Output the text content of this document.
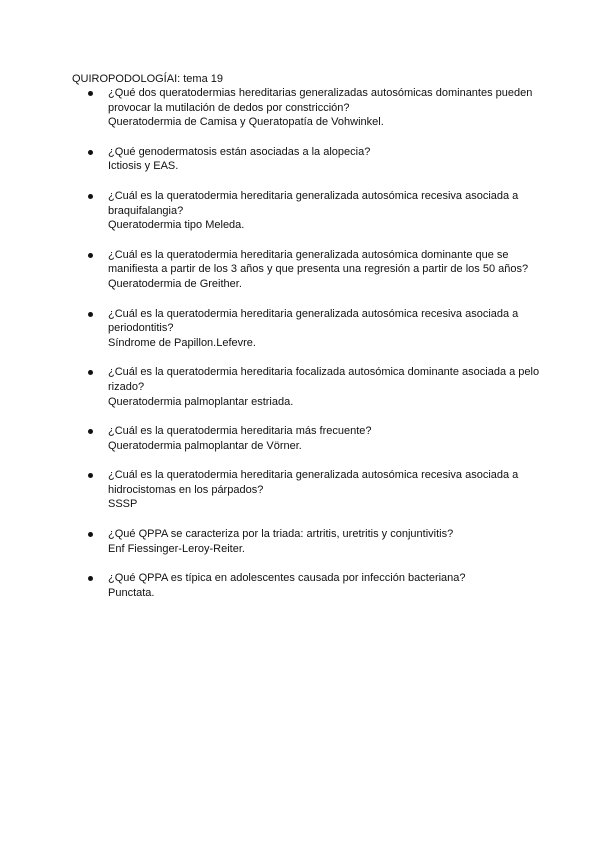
QUIROPODOLOGÍAI: tema 19
¿Qué dos queratodermias hereditarias generalizadas autosómicas dominantes pueden provocar la mutilación de dedos por constricción?
Queratodermia de Camisa y Queratopatía de Vohwinkel.
¿Qué genodermatosis están asociadas a la alopecia?
Ictiosis y EAS.
¿Cuál es la queratodermia hereditaria generalizada autosómica recesiva asociada a braquifalangia?
Queratodermia tipo Meleda.
¿Cuál es la queratodermia hereditaria generalizada autosómica dominante que se manifiesta a partir de los 3 años y que presenta una regresión a partir de los 50 años?
Queratodermia de Greither.
¿Cuál es la queratodermia hereditaria generalizada autosómica recesiva asociada a periodontitis?
Síndrome de Papillon.Lefevre.
¿Cuál es la queratodermia hereditaria focalizada autosómica dominante asociada a pelo rizado?
Queratodermia palmoplantar estriada.
¿Cuál es la queratodermia hereditaria más frecuente?
Queratodermia palmoplantar de Vörner.
¿Cuál es la queratodermia hereditaria generalizada autosómica recesiva asociada a hidrocistomas en los párpados?
SSSP
¿Qué QPPA se caracteriza por la triada: artritis, uretritis y conjuntivitis?
Enf Fiessinger-Leroy-Reiter.
¿Qué QPPA es típica en adolescentes causada por infección bacteriana?
Punctata.
